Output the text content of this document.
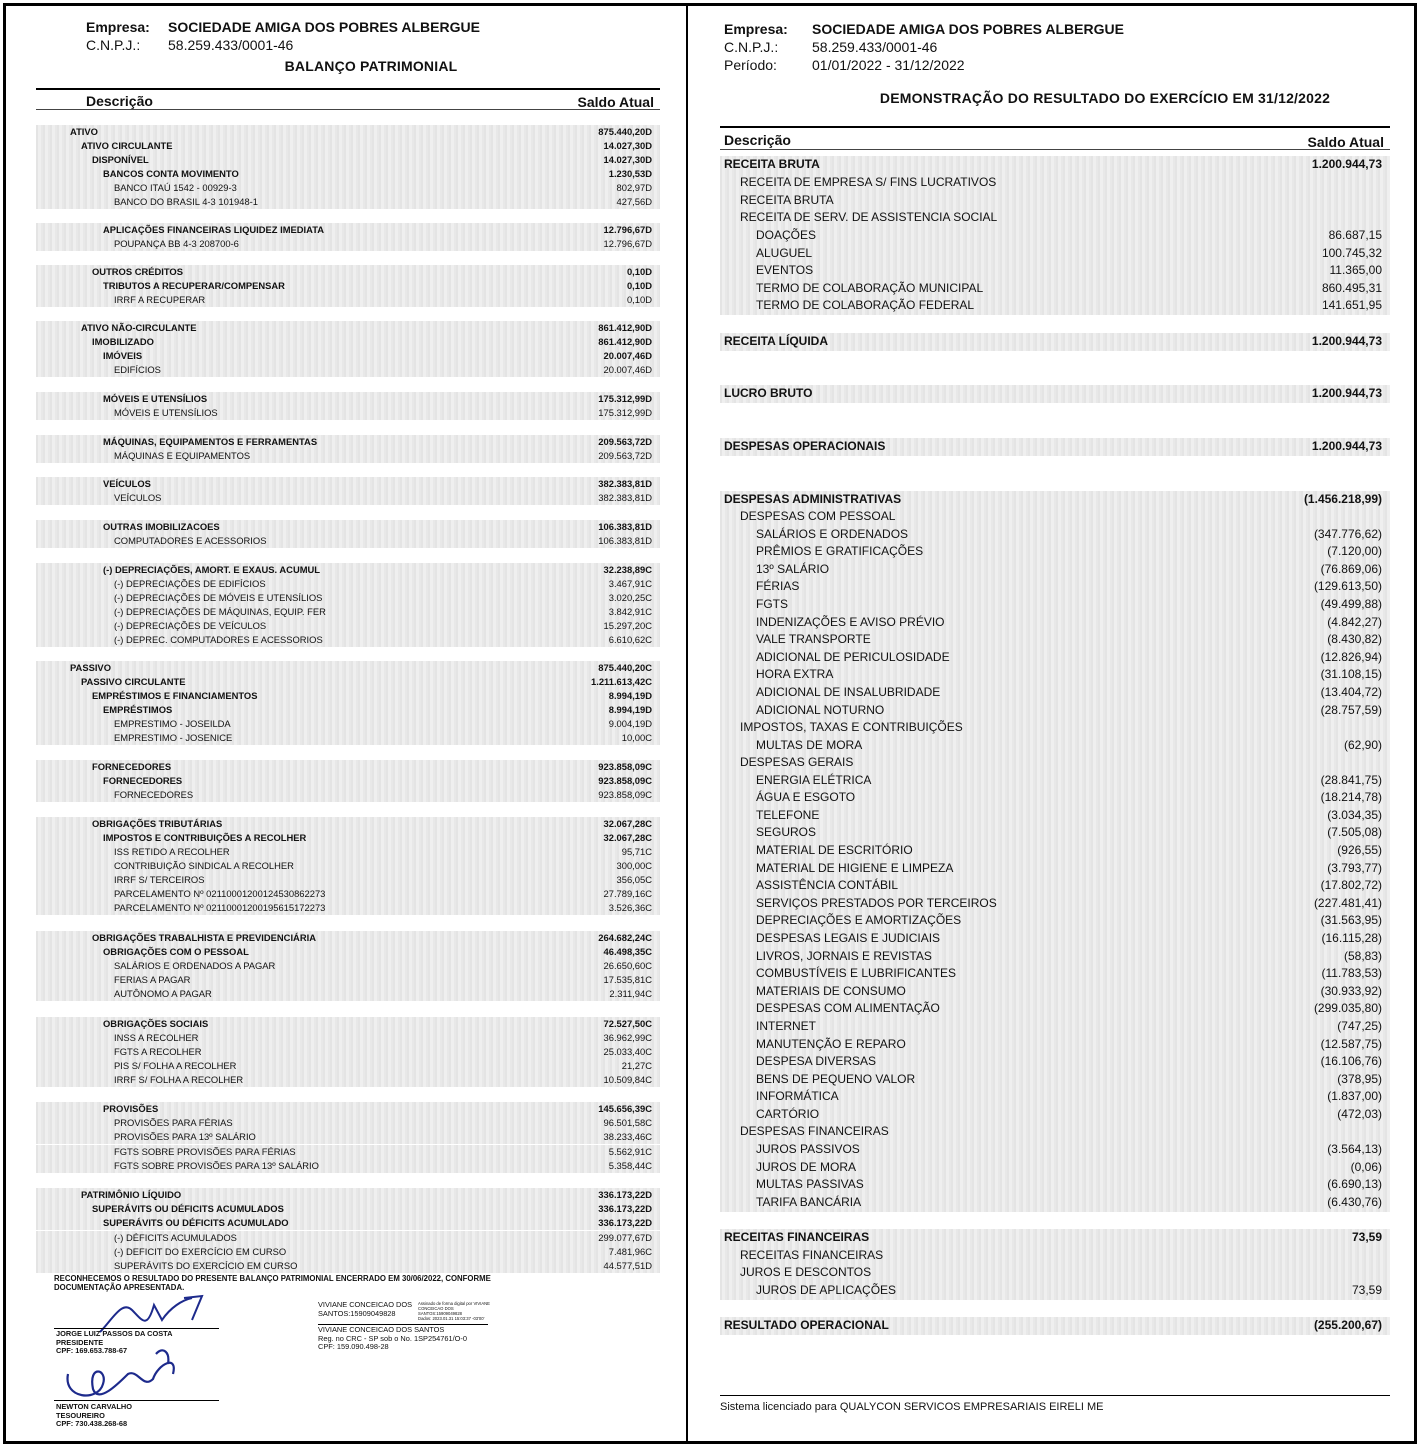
Empresa: SOCIEDADE AMIGA DOS POBRES ALBERGUE
C.N.P.J.: 58.259.433/0001-46
BALANÇO PATRIMONIAL
Descrição	Saldo Atual
ATIVO	875.440,20D
ATIVO CIRCULANTE	14.027,30D
DISPONÍVEL	14.027,30D
BANCOS CONTA MOVIMENTO	1.230,53D
BANCO ITAÚ 1542 - 00929-3	802,97D
BANCO DO BRASIL 4-3 101948-1	427,56D
APLICAÇÕES FINANCEIRAS LIQUIDEZ IMEDIATA	12.796,67D
POUPANÇA BB 4-3 208700-6	12.796,67D
OUTROS CRÉDITOS	0,10D
TRIBUTOS A RECUPERAR/COMPENSAR	0,10D
IRRF A RECUPERAR	0,10D
ATIVO NÃO-CIRCULANTE	861.412,90D
IMOBILIZADO	861.412,90D
IMÓVEIS	20.007,46D
EDIFÍCIOS	20.007,46D
MÓVEIS E UTENSÍLIOS	175.312,99D
MÓVEIS E UTENSÍLIOS	175.312,99D
MÁQUINAS, EQUIPAMENTOS E FERRAMENTAS	209.563,72D
MÁQUINAS E EQUIPAMENTOS	209.563,72D
VEÍCULOS	382.383,81D
VEÍCULOS	382.383,81D
OUTRAS IMOBILIZACOES	106.383,81D
COMPUTADORES E ACESSORIOS	106.383,81D
(-) DEPRECIAÇÕES, AMORT. E EXAUS. ACUMUL	32.238,89C
(-) DEPRECIAÇÕES DE EDIFÍCIOS	3.467,91C
(-) DEPRECIAÇÕES DE MÓVEIS E UTENSÍLIOS	3.020,25C
(-) DEPRECIAÇÕES DE MÁQUINAS, EQUIP. FER	3.842,91C
(-) DEPRECIAÇÕES DE VEÍCULOS	15.297,20C
(-) DEPREC. COMPUTADORES E ACESSORIOS	6.610,62C
PASSIVO	875.440,20C
PASSIVO CIRCULANTE	1.211.613,42C
EMPRÉSTIMOS E FINANCIAMENTOS	8.994,19D
EMPRÉSTIMOS	8.994,19D
EMPRESTIMO - JOSEILDA	9.004,19D
EMPRESTIMO - JOSENICE	10,00C
FORNECEDORES	923.858,09C
FORNECEDORES	923.858,09C
FORNECEDORES	923.858,09C
OBRIGAÇÕES TRIBUTÁRIAS	32.067,28C
IMPOSTOS E CONTRIBUIÇÕES A RECOLHER	32.067,28C
ISS RETIDO A RECOLHER	95,71C
CONTRIBUIÇÃO SINDICAL A RECOLHER	300,00C
IRRF S/ TERCEIROS	356,05C
PARCELAMENTO Nº 02110001200124530862273	27.789,16C
PARCELAMENTO Nº 02110001200195615172273	3.526,36C
OBRIGAÇÕES TRABALHISTA E PREVIDENCIÁRIA	264.682,24C
OBRIGAÇÕES COM O PESSOAL	46.498,35C
SALÁRIOS E ORDENADOS A PAGAR	26.650,60C
FERIAS A PAGAR	17.535,81C
AUTÔNOMO A PAGAR	2.311,94C
OBRIGAÇÕES SOCIAIS	72.527,50C
INSS A RECOLHER	36.962,99C
FGTS A RECOLHER	25.033,40C
PIS S/ FOLHA A RECOLHER	21,27C
IRRF S/ FOLHA A RECOLHER	10.509,84C
PROVISÕES	145.656,39C
PROVISÕES PARA FÉRIAS	96.501,58C
PROVISÕES PARA 13º SALÁRIO	38.233,46C
FGTS SOBRE PROVISÕES PARA FÉRIAS	5.562,91C
FGTS SOBRE PROVISÕES PARA 13º SALÁRIO	5.358,44C
PATRIMÔNIO LÍQUIDO	336.173,22D
SUPERÁVITS OU DÉFICITS ACUMULADOS	336.173,22D
SUPERÁVITS OU DÉFICITS ACUMULADO	336.173,22D
(-) DÉFICITS ACUMULADOS	299.077,67D
(-) DEFICIT DO EXERCÍCIO EM CURSO	7.481,96C
SUPERÁVITS DO EXERCÍCIO EM CURSO	44.577,51D
RECONHECEMOS O RESULTADO DO PRESENTE BALANÇO PATRIMONIAL ENCERRADO EM 30/06/2022, CONFORME DOCUMENTAÇÃO APRESENTADA.
JORGE LUIZ PASSOS DA COSTA
PRESIDENTE
CPF: 169.653.788-67
NEWTON CARVALHO
TESOUREIRO
CPF: 730.438.268-68
VIVIANE CONCEICAO DOS
SANTOS:15909049828
Assinado de forma digital por VIVIANE
CONCEICAO DOS
SANTOS:15909049828
Dados: 2023.01.31 15:03:37 -03'00'
VIVIANE CONCEICAO DOS SANTOS
Reg. no CRC - SP sob o No. 1SP254761/O-0
CPF: 159.090.498-28
Empresa: SOCIEDADE AMIGA DOS POBRES ALBERGUE
C.N.P.J.: 58.259.433/0001-46
Período:	01/01/2022 - 31/12/2022
DEMONSTRAÇÃO DO RESULTADO DO EXERCÍCIO EM 31/12/2022
Descrição	Saldo Atual
RECEITA BRUTA	1.200.944,73
RECEITA DE EMPRESA S/ FINS LUCRATIVOS
RECEITA BRUTA
RECEITA DE SERV. DE ASSISTENCIA SOCIAL
DOAÇÕES	86.687,15
ALUGUEL	100.745,32
EVENTOS	11.365,00
TERMO DE COLABORAÇÃO MUNICIPAL	860.495,31
TERMO DE COLABORAÇÃO FEDERAL	141.651,95
RECEITA LÍQUIDA	1.200.944,73
LUCRO BRUTO	1.200.944,73
DESPESAS OPERACIONAIS	1.200.944,73
DESPESAS ADMINISTRATIVAS	(1.456.218,99)
DESPESAS COM PESSOAL
SALÁRIOS E ORDENADOS	(347.776,62)
PRÊMIOS E GRATIFICAÇÕES	(7.120,00)
13º SALÁRIO	(76.869,06)
FÉRIAS	(129.613,50)
FGTS	(49.499,88)
INDENIZAÇÕES E AVISO PRÉVIO	(4.842,27)
VALE TRANSPORTE	(8.430,82)
ADICIONAL DE PERICULOSIDADE	(12.826,94)
HORA EXTRA	(31.108,15)
ADICIONAL DE INSALUBRIDADE	(13.404,72)
ADICIONAL NOTURNO	(28.757,59)
IMPOSTOS, TAXAS E CONTRIBUIÇÕES
MULTAS DE MORA	(62,90)
DESPESAS GERAIS
ENERGIA ELÉTRICA	(28.841,75)
ÁGUA E ESGOTO	(18.214,78)
TELEFONE	(3.034,35)
SEGUROS	(7.505,08)
MATERIAL DE ESCRITÓRIO	(926,55)
MATERIAL DE HIGIENE E LIMPEZA	(3.793,77)
ASSISTÊNCIA CONTÁBIL	(17.802,72)
SERVIÇOS PRESTADOS POR TERCEIROS	(227.481,41)
DEPRECIAÇÕES E AMORTIZAÇÕES	(31.563,95)
DESPESAS LEGAIS E JUDICIAIS	(16.115,28)
LIVROS, JORNAIS E REVISTAS	(58,83)
COMBUSTÍVEIS E LUBRIFICANTES	(11.783,53)
MATERIAIS DE CONSUMO	(30.933,92)
DESPESAS COM ALIMENTAÇÃO	(299.035,80)
INTERNET	(747,25)
MANUTENÇÃO E REPARO	(12.587,75)
DESPESA DIVERSAS	(16.106,76)
BENS DE PEQUENO VALOR	(378,95)
INFORMÁTICA	(1.837,00)
CARTÓRIO	(472,03)
DESPESAS FINANCEIRAS
JUROS PASSIVOS	(3.564,13)
JUROS DE MORA	(0,06)
MULTAS PASSIVAS	(6.690,13)
TARIFA BANCÁRIA	(6.430,76)
RECEITAS FINANCEIRAS	73,59
RECEITAS FINANCEIRAS
JUROS E DESCONTOS
JUROS DE APLICAÇÕES	73,59
RESULTADO OPERACIONAL	(255.200,67)
Sistema licenciado para QUALYCON SERVICOS EMPRESARIAIS EIRELI ME
